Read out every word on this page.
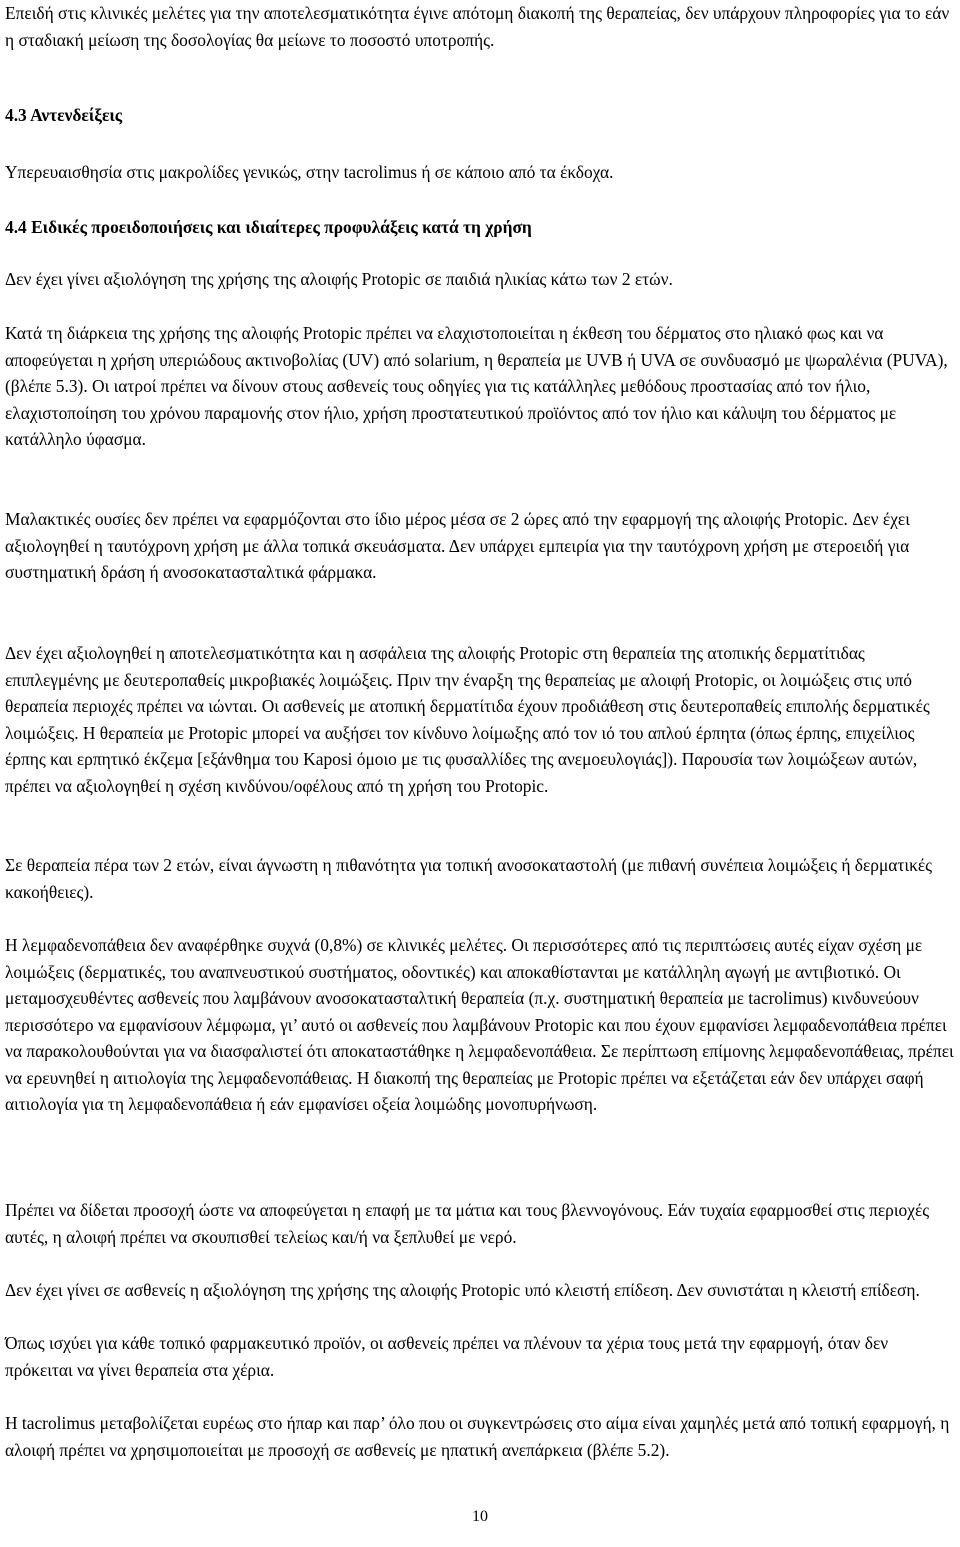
Επειδή στις κλινικές μελέτες για την αποτελεσματικότητα έγινε απότομη διακοπή της θεραπείας, δεν υπάρχουν πληροφορίες για το εάν η σταδιακή μείωση της δοσολογίας θα μείωνε το ποσοστό υποτροπής.

4.3 Αντενδείξεις

Υπερευαισθησία στις μακρολίδες γενικώς, στην tacrolimus ή σε κάποιο από τα έκδοχα.

4.4 Ειδικές προειδοποιήσεις και ιδιαίτερες προφυλάξεις κατά τη χρήση

Δεν έχει γίνει αξιολόγηση της χρήσης της αλοιφής Protopic σε παιδιά ηλικίας κάτω των 2 ετών.

Κατά τη διάρκεια της χρήσης της αλοιφής Protopic πρέπει να ελαχιστοποιείται η έκθεση του δέρματος στο ηλιακό φως και να αποφεύγεται η χρήση υπεριώδους ακτινοβολίας (UV) από solarium, η θεραπεία με UVB ή UVA σε συνδυασμό με ψωραλένια (PUVA), (βλέπε 5.3). Οι ιατροί πρέπει να δίνουν στους ασθενείς τους οδηγίες για τις κατάλληλες μεθόδους προστασίας από τον ήλιο, ελαχιστοποίηση του χρόνου παραμονής στον ήλιο, χρήση προστατευτικού προϊόντος από τον ήλιο και κάλυψη του δέρματος με κατάλληλο ύφασμα.

Μαλακτικές ουσίες δεν πρέπει να εφαρμόζονται στο ίδιο μέρος μέσα σε 2 ώρες από την εφαρμογή της αλοιφής Protopic. Δεν έχει αξιολογηθεί η ταυτόχρονη χρήση με άλλα τοπικά σκευάσματα. Δεν υπάρχει εμπειρία για την ταυτόχρονη χρήση με στεροειδή για συστηματική δράση ή ανοσοκατασταλτικά φάρμακα.

Δεν έχει αξιολογηθεί η αποτελεσματικότητα και η ασφάλεια της αλοιφής Protopic στη θεραπεία της ατοπικής δερματίτιδας επιπλεγμένης με δευτεροπαθείς μικροβιακές λοιμώξεις. Πριν την έναρξη της θεραπείας με αλοιφή Protopic, οι λοιμώξεις στις υπό θεραπεία περιοχές πρέπει να ιώνται. Οι ασθενείς με ατοπική δερματίτιδα έχουν προδιάθεση στις δευτεροπαθείς επιπολής δερματικές λοιμώξεις. Η θεραπεία με Protopic μπορεί να αυξήσει τον κίνδυνο λοίμωξης από τον ιό του απλού έρπητα (όπως έρπης, επιχείλιος έρπης και ερπητικό έκζεμα [εξάνθημα του Kaposi όμοιο με τις φυσαλλίδες της ανεμοευλογιάς]). Παρουσία των λοιμώξεων αυτών, πρέπει να αξιολογηθεί η σχέση κινδύνου/οφέλους από τη χρήση του Protopic.

Σε θεραπεία πέρα των 2 ετών, είναι άγνωστη η πιθανότητα για τοπική ανοσοκαταστολή (με πιθανή συνέπεια λοιμώξεις ή δερματικές κακοήθειες).

Η λεμφαδενοπάθεια δεν αναφέρθηκε συχνά (0,8%) σε κλινικές μελέτες. Οι περισσότερες από τις περιπτώσεις αυτές είχαν σχέση με λοιμώξεις (δερματικές, του αναπνευστικού συστήματος, οδοντικές) και αποκαθίστανται με κατάλληλη αγωγή με αντιβιοτικό. Οι μεταμοσχευθέντες ασθενείς που λαμβάνουν ανοσοκατασταλτική θεραπεία (π.χ. συστηματική θεραπεία με tacrolimus) κινδυνεύουν περισσότερο να εμφανίσουν λέμφωμα, γι’ αυτό οι ασθενείς που λαμβάνουν Protopic και που έχουν εμφανίσει λεμφαδενοπάθεια πρέπει να παρακολουθούνται για να διασφαλιστεί ότι αποκαταστάθηκε η λεμφαδενοπάθεια. Σε περίπτωση επίμονης λεμφαδενοπάθειας, πρέπει να ερευνηθεί η αιτιολογία της λεμφαδενοπάθειας. Η διακοπή της θεραπείας με Protopic πρέπει να εξετάζεται εάν δεν υπάρχει σαφή αιτιολογία για τη λεμφαδενοπάθεια ή εάν εμφανίσει οξεία λοιμώδης μονοπυρήνωση.

Πρέπει να δίδεται προσοχή ώστε να αποφεύγεται η επαφή με τα μάτια και τους βλεννογόνους. Εάν τυχαία εφαρμοσθεί στις περιοχές αυτές, η αλοιφή πρέπει να σκουπισθεί τελείως και/ή να ξεπλυθεί με νερό.

Δεν έχει γίνει σε ασθενείς η αξιολόγηση της χρήσης της αλοιφής Protopic υπό κλειστή επίδεση. Δεν συνιστάται η κλειστή επίδεση.

Όπως ισχύει για κάθε τοπικό φαρμακευτικό προϊόν, οι ασθενείς πρέπει να πλένουν τα χέρια τους μετά την εφαρμογή, όταν δεν πρόκειται να γίνει θεραπεία στα χέρια.

Η tacrolimus μεταβολίζεται ευρέως στο ήπαρ και παρ’ όλο που οι συγκεντρώσεις στο αίμα είναι χαμηλές μετά από τοπική εφαρμογή, η αλοιφή πρέπει να χρησιμοποιείται με προσοχή σε ασθενείς με ηπατική ανεπάρκεια (βλέπε 5.2).

10
